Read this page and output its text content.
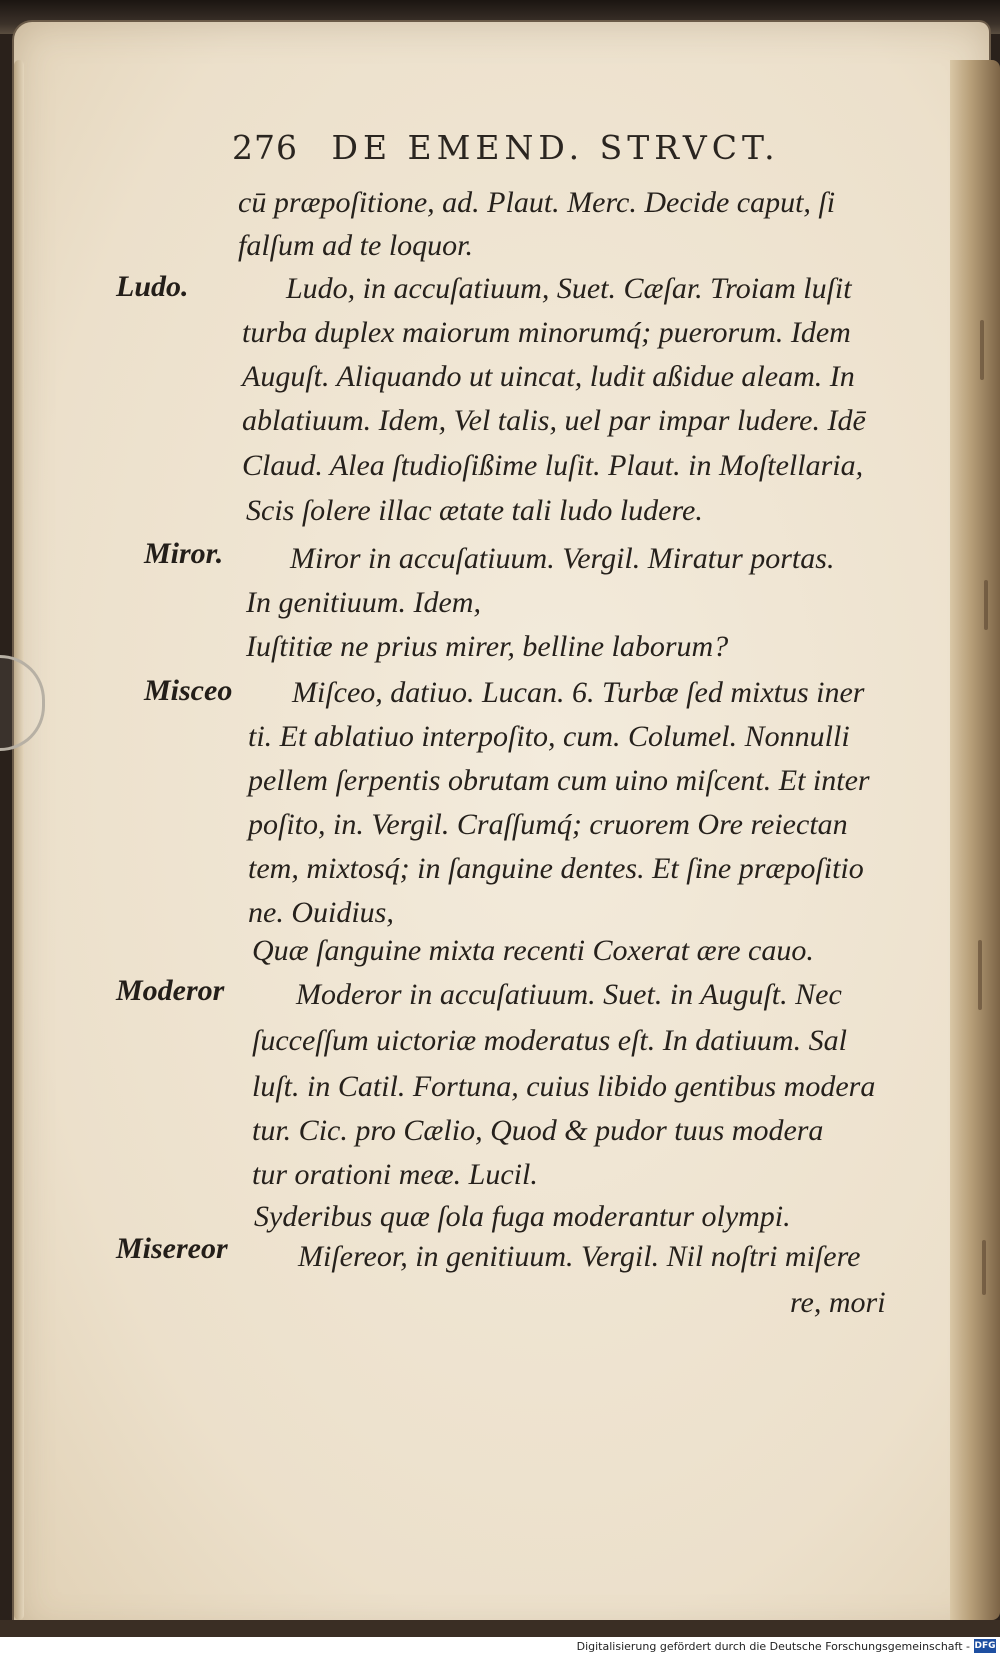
276 DE EMEND. STRVCT.
Ludo.
Miror.
Misceo
Moderor
Misereor
cū præpoſitione, ad. Plaut. Merc. Decide caput, ſi
falſum ad te loquor.
Ludo, in accuſatiuum, Suet. Cæſar. Troiam luſit
turba duplex maiorum minorumq́; puerorum. Idem
Auguſt. Aliquando ut uincat, ludit aßidue aleam. In
ablatiuum. Idem, Vel talis, uel par impar ludere. Idē
Claud. Alea ſtudioſißime luſit. Plaut. in Moſtellaria,
Scis ſolere illac ætate tali ludo ludere.
Miror in accuſatiuum. Vergil. Miratur portas.
In genitiuum. Idem,
Iuſtitiæ ne prius mirer, belline laborum?
Miſceo, datiuo. Lucan. 6. Turbæ ſed mixtus iner
ti. Et ablatiuo interpoſito, cum. Columel. Nonnulli
pellem ſerpentis obrutam cum uino miſcent. Et inter
poſito, in. Vergil. Craſſumq́; cruorem Ore reiectan
tem, mixtosq́; in ſanguine dentes. Et ſine præpoſitio
ne. Ouidius,
Quæ ſanguine mixta recenti Coxerat ære cauo.
Moderor in accuſatiuum. Suet. in Auguſt. Nec
ſucceſſum uictoriæ moderatus eſt. In datiuum. Sal
luſt. in Catil. Fortuna, cuius libido gentibus modera
tur. Cic. pro Cælio, Quod & pudor tuus modera
tur orationi meæ. Lucil.
Syderibus quæ ſola fuga moderantur olympi.
Miſereor, in genitiuum. Vergil. Nil noſtri miſere
re, mori
Digitalisierung gefördert durch die Deutsche Forschungsgemeinschaft - DFG
